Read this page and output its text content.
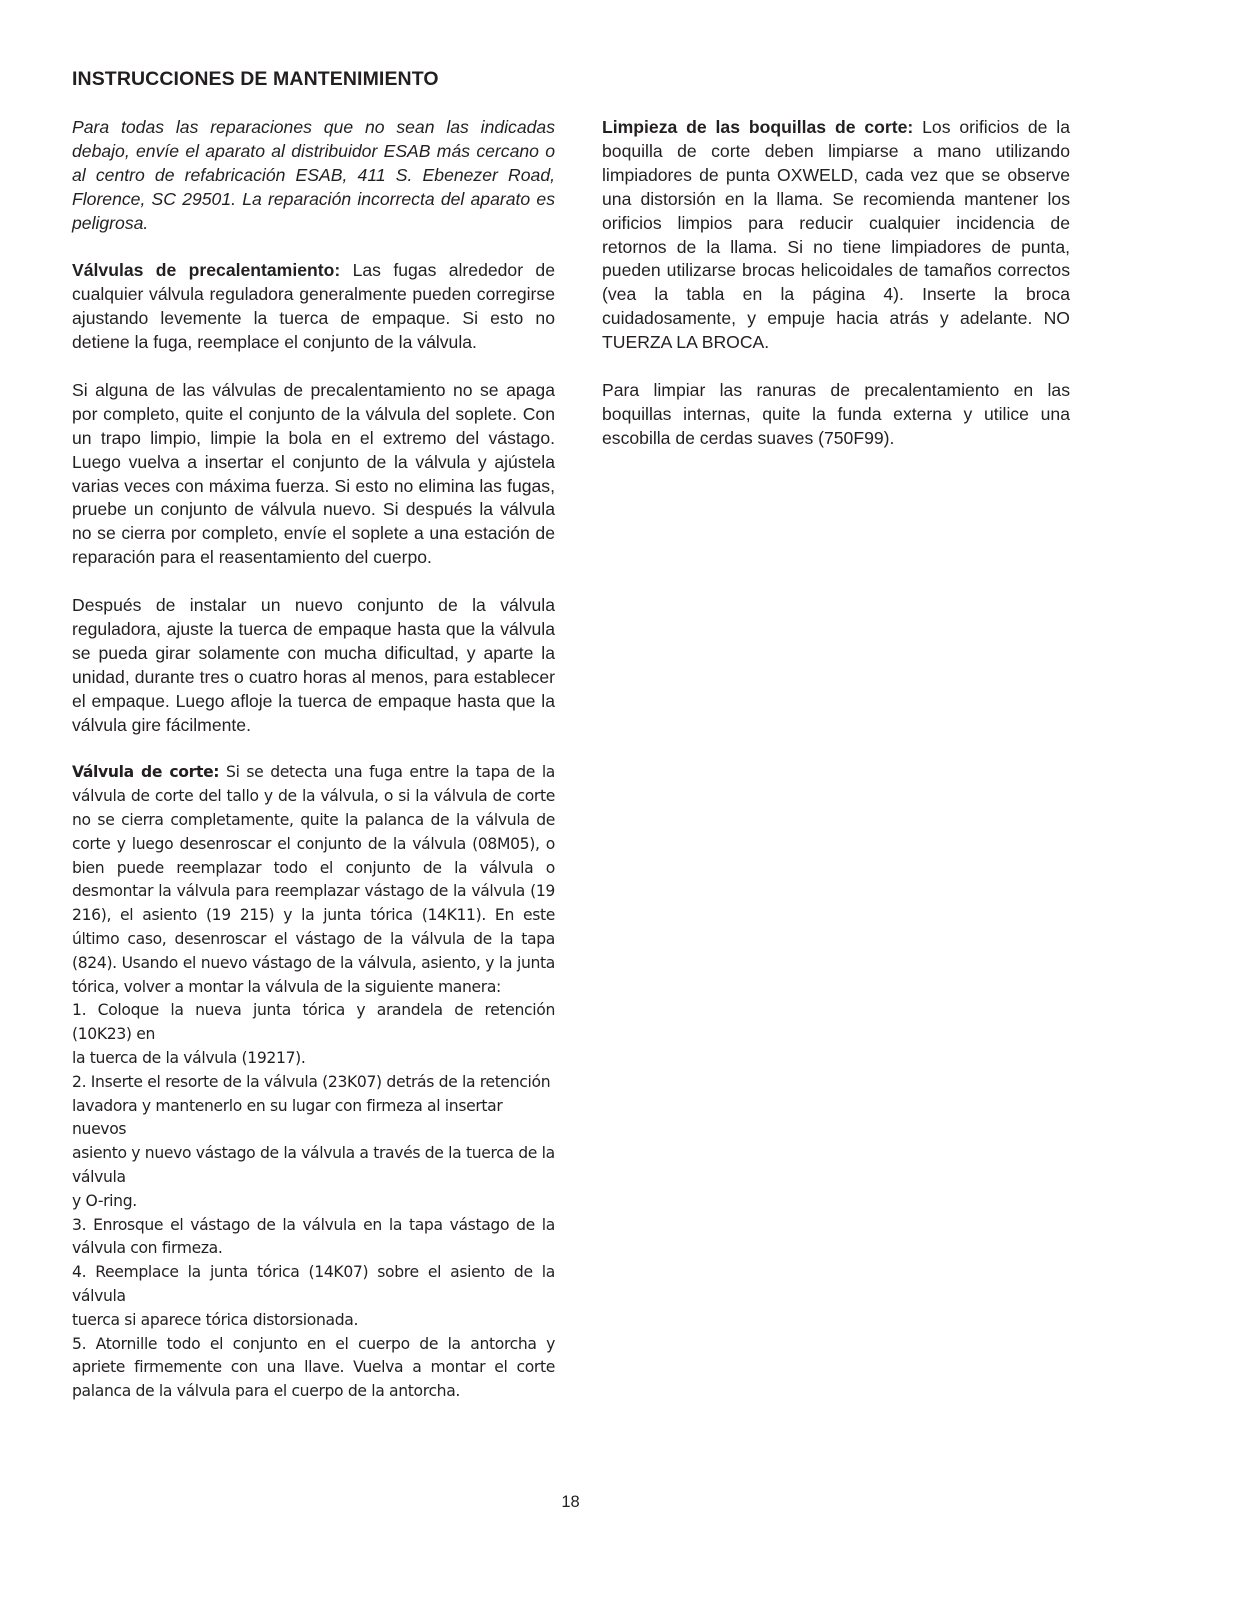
INSTRUCCIONES DE MANTENIMIENTO

Para todas las reparaciones que no sean las indicadas debajo, envíe el aparato al distribuidor ESAB más cercano o al centro de refabricación ESAB, 411 S. Ebenezer Road, Florence, SC 29501. La reparación incorrecta del aparato es peligrosa.

Válvulas de precalentamiento: Las fugas alrededor de cualquier válvula reguladora generalmente pueden corregirse ajustando levemente la tuerca de empaque. Si esto no detiene la fuga, reemplace el conjunto de la válvula.

Si alguna de las válvulas de precalentamiento no se apaga por completo, quite el conjunto de la válvula del soplete. Con un trapo limpio, limpie la bola en el extremo del vástago. Luego vuelva a insertar el conjunto de la válvula y ajústela varias veces con máxima fuerza. Si esto no elimina las fugas, pruebe un conjunto de válvula nuevo. Si después la válvula no se cierra por completo, envíe el soplete a una estación de reparación para el reasentamiento del cuerpo.

Después de instalar un nuevo conjunto de la válvula reguladora, ajuste la tuerca de empaque hasta que la válvula se pueda girar solamente con mucha dificultad, y aparte la unidad, durante tres o cuatro horas al menos, para establecer el empaque. Luego afloje la tuerca de empaque hasta que la válvula gire fácilmente.

Válvula de corte: Si se detecta una fuga entre la tapa de la válvula de corte del tallo y de la válvula, o si la válvula de corte no se cierra completamente, quite la palanca de la válvula de corte y luego desenroscar el conjunto de la válvula (08M05), o bien puede reemplazar todo el conjunto de la válvula o desmontar la válvula para reemplazar vástago de la válvula (19 216), el asiento (19 215) y la junta tórica (14K11). En este último caso, desenroscar el vástago de la válvula de la tapa (824). Usando el nuevo vástago de la válvula, asiento, y la junta tórica, volver a montar la válvula de la siguiente manera:

1. Coloque la nueva junta tórica y arandela de retención (10K23) en
la tuerca de la válvula (19217).
2. Inserte el resorte de la válvula (23K07) detrás de la retención
lavadora y mantenerlo en su lugar con firmeza al insertar nuevos
asiento y nuevo vástago de la válvula a través de la tuerca de la válvula
y O-ring.
3. Enrosque el vástago de la válvula en la tapa vástago de la válvula con firmeza.
4. Reemplace la junta tórica (14K07) sobre el asiento de la válvula
tuerca si aparece tórica distorsionada.
5. Atornille todo el conjunto en el cuerpo de la antorcha y apriete firmemente con una llave. Vuelva a montar el corte palanca de la válvula para el cuerpo de la antorcha.

Limpieza de las boquillas de corte: Los orificios de la boquilla de corte deben limpiarse a mano utilizando limpiadores de punta OXWELD, cada vez que se observe una distorsión en la llama. Se recomienda mantener los orificios limpios para reducir cualquier incidencia de retornos de la llama. Si no tiene limpiadores de punta, pueden utilizarse brocas helicoidales de tamaños correctos (vea la tabla en la página 4). Inserte la broca cuidadosamente, y empuje hacia atrás y adelante. NO TUERZA LA BROCA.

Para limpiar las ranuras de precalentamiento en las boquillas internas, quite la funda externa y utilice una escobilla de cerdas suaves (750F99).

18
